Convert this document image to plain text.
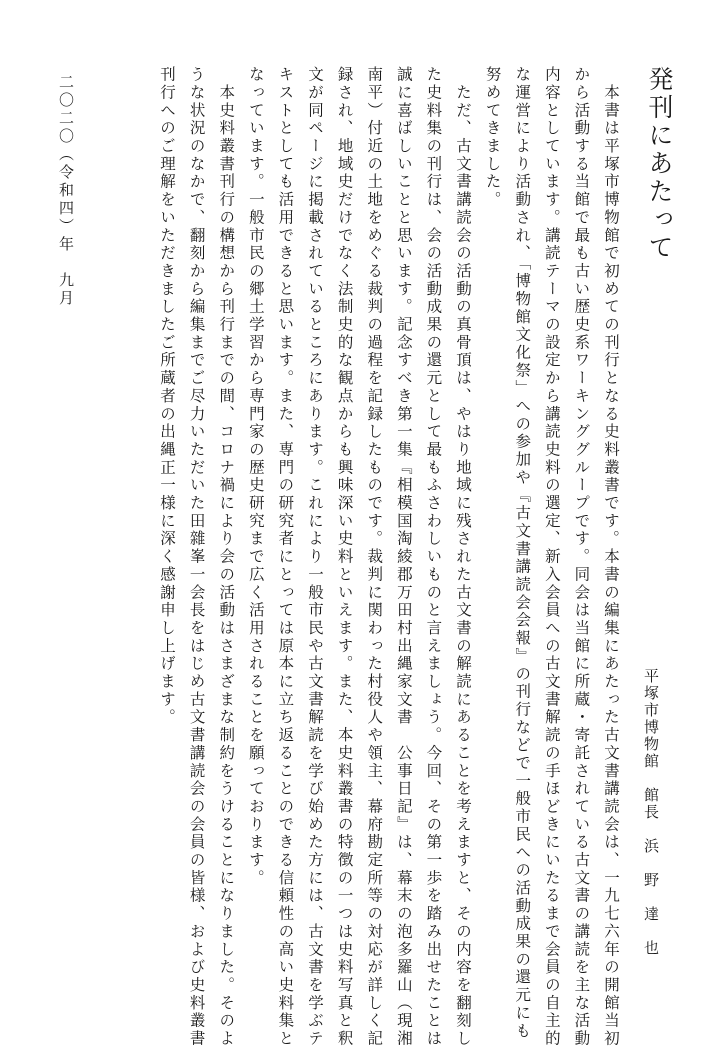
発刊にあたって
　本書は平塚市博物館で初めての刊行となる史料叢書です。本書の編集にあたった古文書講読会は、一九七六年の開館当初
から活動する当館で最も古い歴史系ワーキンググループです。同会は当館に所蔵・寄託されている古文書の講読を主な活動
内容としています。講読テーマの設定から講読史料の選定、新入会員への古文書解読の手ほどきにいたるまで会員の自主的
な運営により活動され、「博物館文化祭」への参加や『古文書講読会会報』の刊行などで一般市民への活動成果の還元にも
努めてきました。
　ただ、古文書講読会の活動の真骨頂は、やはり地域に残された古文書の解読にあることを考えますと、その内容を翻刻し
た史料集の刊行は、会の活動成果の還元として最もふさわしいものと言えましょう。今回、その第一歩を踏み出せたことは
誠に喜ばしいことと思います。記念すべき第一集『相模国淘綾郡万田村出縄家文書　公事日記』は、幕末の泡多羅山（現湘
南平）付近の土地をめぐる裁判の過程を記録したものです。裁判に関わった村役人や領主、幕府勘定所等の対応が詳しく記
録され、地域史だけでなく法制史的な観点からも興味深い史料といえます。また、本史料叢書の特徴の一つは史料写真と釈
文が同ページに掲載されているところにあります。これにより一般市民や古文書解読を学び始めた方には、古文書を学ぶテ
キストとしても活用できると思います。また、専門の研究者にとっては原本に立ち返ることのできる信頼性の高い史料集と
なっています。一般市民の郷土学習から専門家の歴史研究まで広く活用されることを願っております。
　本史料叢書刊行の構想から刊行までの間、コロナ禍により会の活動はさまざまな制約をうけることになりました。そのよ
うな状況のなかで、翻刻から編集までご尽力いただいた田雜峯一会長をはじめ古文書講読会の会員の皆様、および史料叢書
刊行へのご理解をいただきましたご所蔵者の出縄正一様に深く感謝申し上げます。	平塚市博物館　館長　浜　野　達　也
二〇二〇（令和四）年　九月
